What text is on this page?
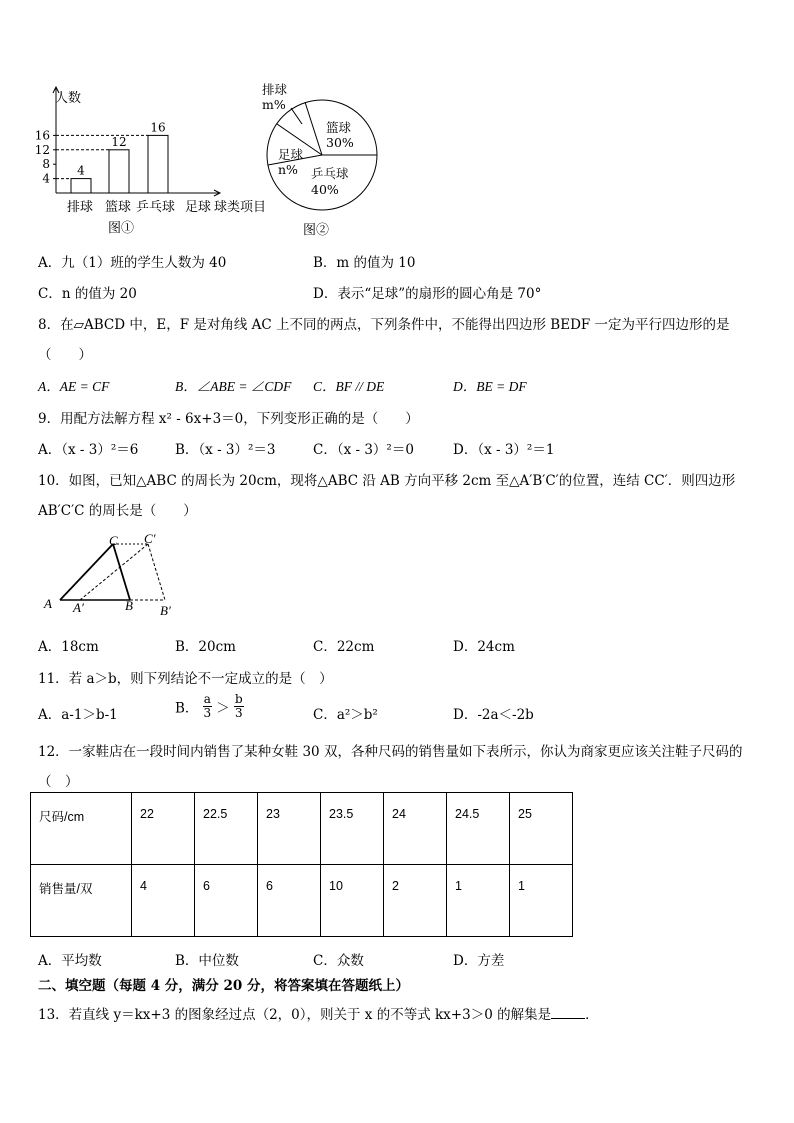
4
8
12
16
4
12
16
人数
球类项目
图①
排球 篮球 乒乓球 足球
排球
m%
篮球
30%
足球
n% 乒乓球
40%
图②
A．九（1）班的学生人数为 40	B．m 的值为 10
C．n 的值为 20	D．表示“足球”的扇形的圆心角是 70°
8．在▱ABCD 中，E，F 是对角线 AC 上不同的两点，下列条件中，不能得出四边形 BEDF 一定为平行四边形的是
（　　）
A．AE = CF	B．∠ABE = ∠CDF C．BF // DE	D．BE = DF
9．用配方法解方程 x² - 6x+3＝0，下列变形正确的是（　　）
A．（x - 3）²＝6	B．（x - 3）²＝3	C．（x - 3）²＝0	D．（x - 3）²＝1
10．如图，已知△ABC 的周长为 20cm，现将△ABC 沿 AB 方向平移 2cm 至△A′B′C′的位置，连结 CC′．则四边形
AB′C′C 的周长是（　　）
A A′	B B′
C C′
A．18cm	B．20cm	C．22cm	D．24cm
11．若 a＞b，则下列结论不一定成立的是（　）
A．a-1＞b-1	B． $\frac{a}{3} > \frac{b}{3}$	C．a²＞b²	D．-2a＜-2b
12．一家鞋店在一段时间内销售了某种女鞋 30 双，各种尺码的销售量如下表所示，你认为商家更应该关注鞋子尺码的
（　）
尺码/cm	22	22.5	23	23.5	24	24.5	25
销售量/双	4	6	6	10	2	1	1
A．平均数	B．中位数	C．众数	D．方差
二、填空题（每题 4 分，满分 20 分，将答案填在答题纸上）
13．若直线 y＝kx+3 的图象经过点（2，0），则关于 x 的不等式 kx+3＞0 的解集是	．
